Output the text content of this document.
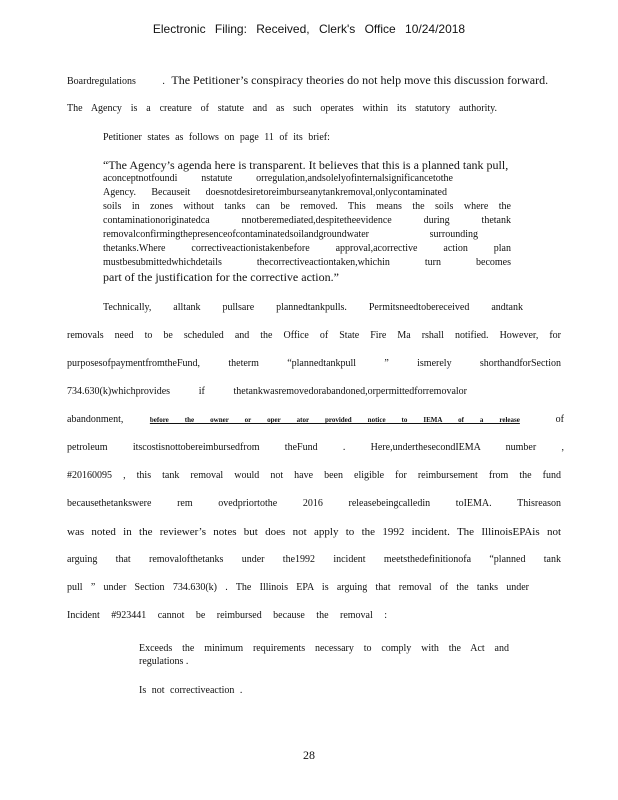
Electronic Filing: Received, Clerk's Office 10/24/2018
Boardregulations	. The Petitioner’s conspiracy theories do not help move this discussion forward.
The Agency is a creature of statute and as such operates within its statutory authority.
Petitioner states as follows on page 11 of its brief:
“The Agency’s agenda here is transparent. It believes that this is a planned tank pull,
aconceptnotfoundi nstatute orregulation,andsolelyofinternalsignificancetothe
Agency. Becauseit doesnotdesiretoreimburseanytankremoval,onlycontaminated
soils in zones without tanks can be removed. This means the soils where the
contaminationoriginatedca nnotberemediated,despitetheevidence during thetank
removalconfirmingthepresenceofcontaminatedsoilandgroundwater surrounding
thetanks.Where correctiveactionistakenbefore approval,acorrective action plan
mustbesubmittedwhichdetails thecorrectiveactiontaken,whichin turn becomes
part of the justification for the corrective action.”
Technically, alltank pullsare plannedtankpulls. Permitsneedtobereceived andtank
removals need to be scheduled and the Office of State Fire Ma rshall notified. However, for
purposesofpaymentfromtheFund, theterm “plannedtankpull ” ismerely shorthandforSection
734.630(k)whichprovides if thetankwasremovedorabandoned,orpermittedforremovalor
abandonment,	before the owner or oper ator provided notice to IEMA of a release	of
petroleum itscostisnottobereimbursedfrom theFund . Here,underthesecondIEMA number ,
#20160095 , this tank removal would not have been eligible for reimbursement from the fund
becausethetankswere rem ovedpriortothe 2016 releasebeingcalledin toIEMA. Thisreason
was noted in the reviewer’s notes but does not apply to the 1992 incident. The IllinoisEPAis not
arguing that removalofthetanks under the1992 incident meetsthedefinitionofa “planned tank
pull ” under Section 734.630(k) . The Illinois EPA is arguing that removal of the tanks under
Incident #923441 cannot be reimbursed because the removal :
Exceeds the minimum requirements necessary to comply with the Act and
regulations .
Is not correctiveaction .
28
